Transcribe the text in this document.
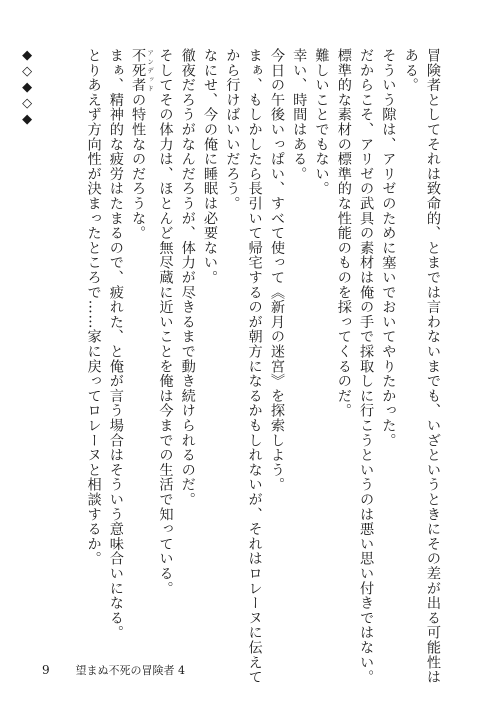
冒険者としてそれは致命的、とまでは言わないまでも、いざというときにその差が出る可能性は
ある。
そういう隙は、アリゼのために塞いでおいてやりたかった。
だからこそ、アリゼの武具の素材は俺の手で採取しに行こうというのは悪い思い付きではない。
標準的な素材の標準的な性能のものを採ってくるのだ。
難しいことでもない。
幸い、時間はある。
今日の午後いっぱい、すべて使って《新月の迷宮》を探索しよう。
まぁ、もしかしたら長引いて帰宅するのが朝方になるかもしれないが、それはロレーヌに伝えて
から行けばいいだろう。
なにせ、今の俺に睡眠は必要ない。
徹夜だろうがなんだろうが、体力が尽きるまで動き続けられるのだ。
そしてその体力は、ほとんど無尽蔵に近いことを俺は今までの生活で知っている。
不死者 アンデッドの特性なのだろうな。
まぁ、精神的な疲労はたまるので、疲れた、と俺が言う場合はそういう意味合いになる。
とりあえず方向性が決まったところで……家に戻ってロレーヌと相談するか。
◆◇◆◇◆
9 望まぬ不死の冒険者 4
